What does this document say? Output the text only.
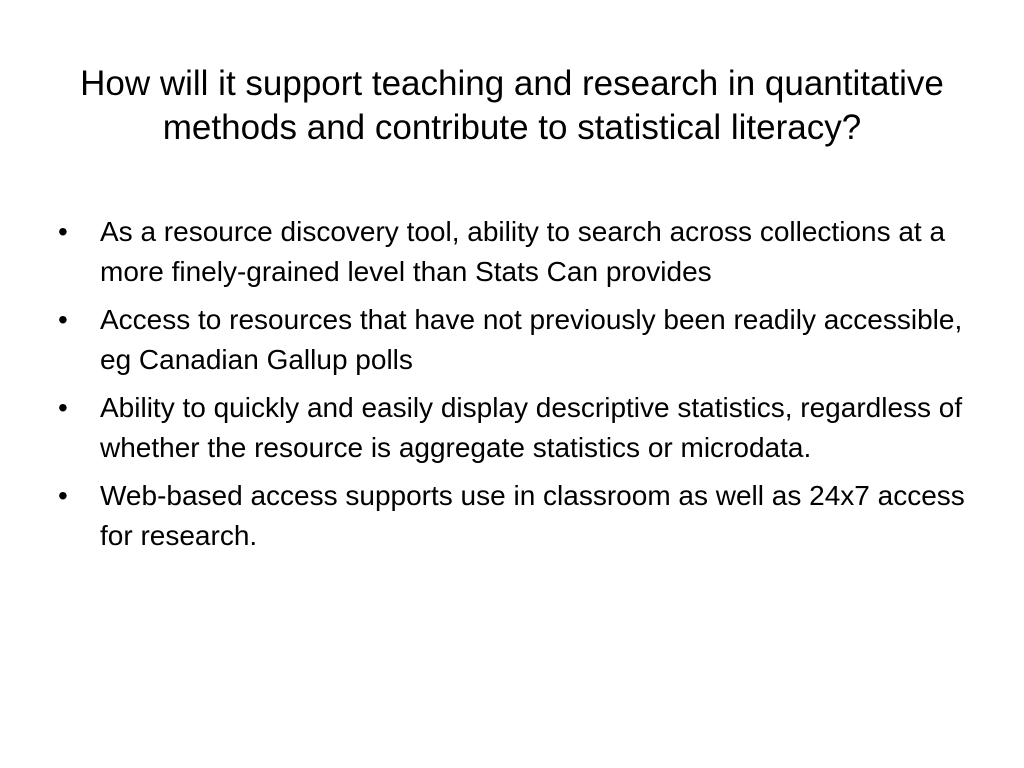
How will it support teaching and research in quantitative methods and contribute to statistical literacy?
•	As a resource discovery tool, ability to search across collections at a more finely-grained level than Stats Can provides
•	Access to resources that have not previously been readily accessible, eg Canadian Gallup polls
•	Ability to quickly and easily display descriptive statistics, regardless of whether the resource is aggregate statistics or microdata.
•	Web-based access supports use in classroom as well as 24x7 access for research.
